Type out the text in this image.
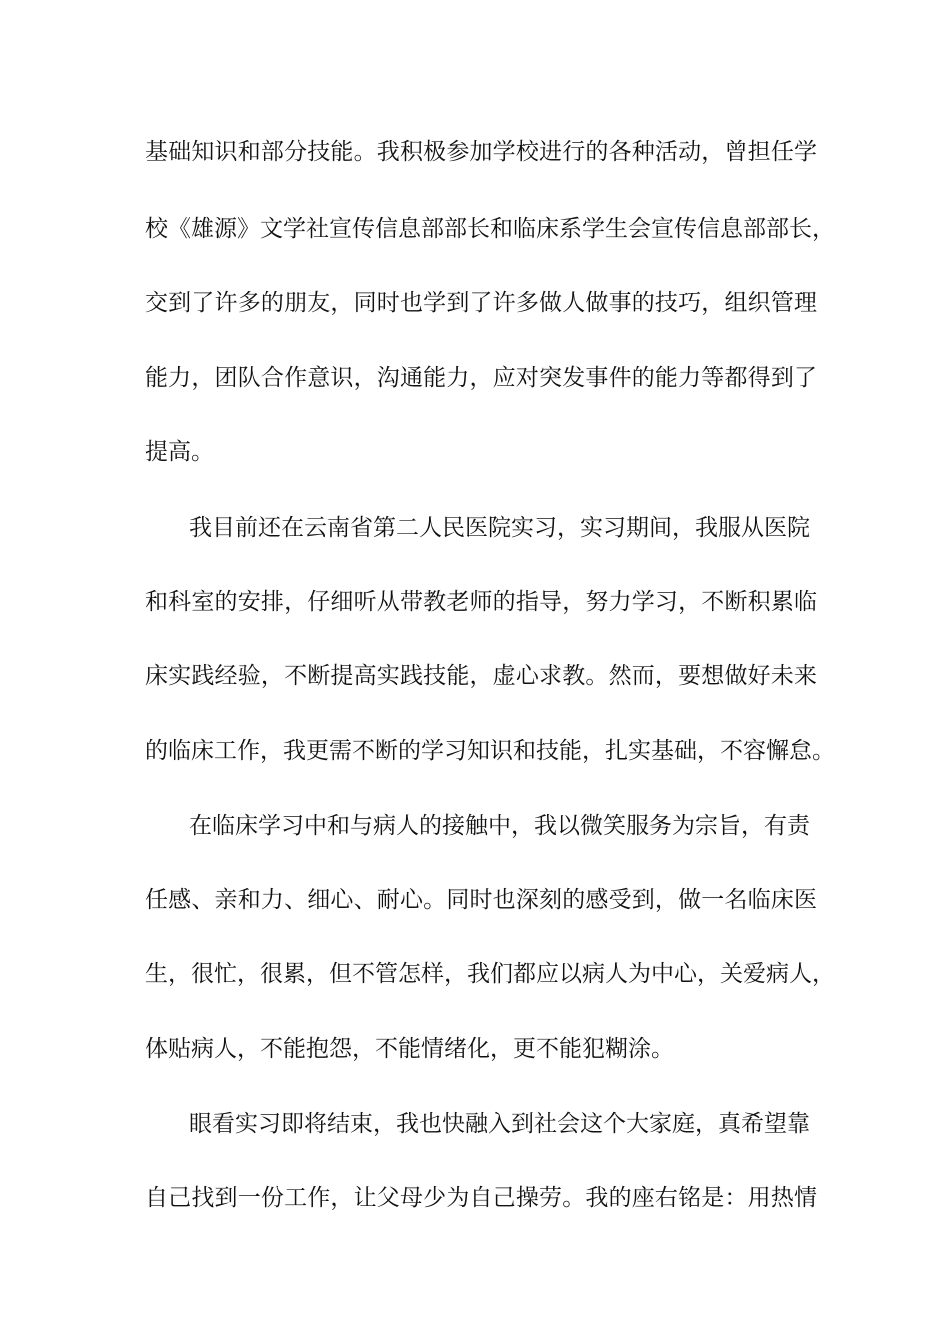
基础知识和部分技能。我积极参加学校进行的各种活动，曾担任学
校《雄源》文学社宣传信息部部长和临床系学生会宣传信息部部长，
交到了许多的朋友，同时也学到了许多做人做事的技巧，组织管理
能力，团队合作意识，沟通能力，应对突发事件的能力等都得到了
提高。
我目前还在云南省第二人民医院实习，实习期间，我服从医院
和科室的安排，仔细听从带教老师的指导，努力学习，不断积累临
床实践经验，不断提高实践技能，虚心求教。然而，要想做好未来
的临床工作，我更需不断的学习知识和技能，扎实基础，不容懈怠。
在临床学习中和与病人的接触中，我以微笑服务为宗旨，有责
任感、亲和力、细心、耐心。同时也深刻的感受到，做一名临床医
生，很忙，很累，但不管怎样，我们都应以病人为中心，关爱病人，
体贴病人，不能抱怨，不能情绪化，更不能犯糊涂。
眼看实习即将结束，我也快融入到社会这个大家庭，真希望靠
自己找到一份工作，让父母少为自己操劳。我的座右铭是：用热情
